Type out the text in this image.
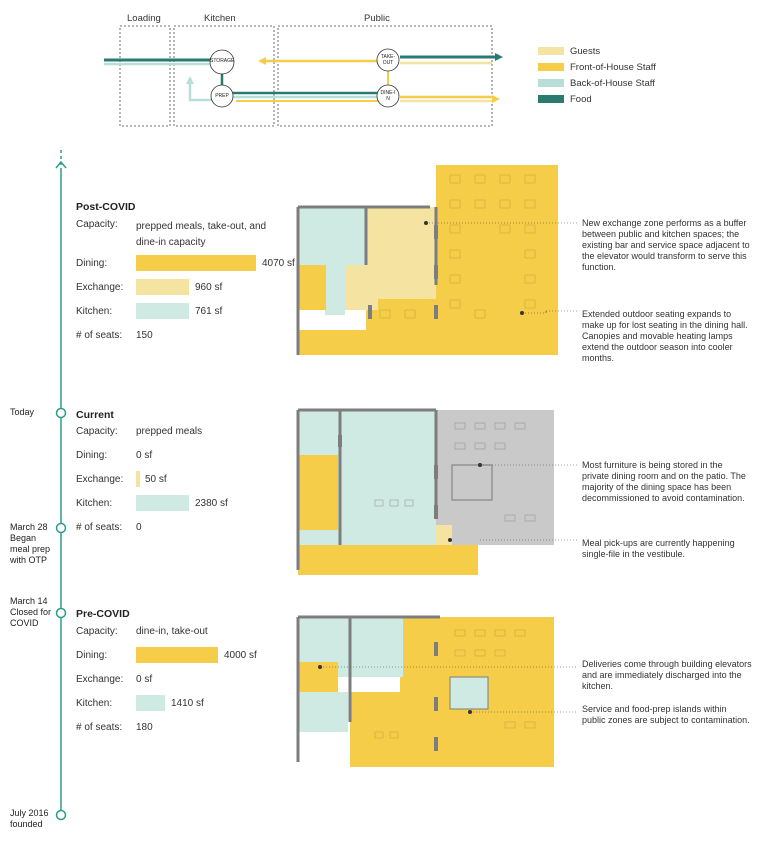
Loading	Kitchen	Public
STORAGE
PREP
TAKE-OUT
DINE-IN
Guests
Front-of-House Staff
Back-of-House Staff
Food
Today
March 28 Began meal prep with OTP
March 14 Closed for COVID
July 2016 founded
Post-COVID
Capacity: prepped meals, take-out, and dine-in capacity
Dining:	4070 sf
Exchange:	960 sf
Kitchen:	761 sf
# of seats: 150
New exchange zone performs as a buffer between public and kitchen spaces; the existing bar and service space adjacent to the elevator would transform to serve this function.
Extended outdoor seating expands to make up for lost seating in the dining hall. Canopies and movable heating lamps extend the outdoor season into cooler months.
Current
Capacity: prepped meals
Dining:	0 sf
Exchange: 50 sf
Kitchen:	2380 sf
# of seats: 0
Most furniture is being stored in the private dining room and on the patio. The majority of the dining space has been decommissioned to avoid contamination.
Meal pick-ups are currently happening single-file in the vestibule.
Pre-COVID
Capacity: dine-in, take-out
Dining:	4000 sf
Exchange: 0 sf
Kitchen:	1410 sf
# of seats: 180
Deliveries come through building elevators and are immediately discharged into the kitchen.
Service and food-prep islands within public zones are subject to contamination.
